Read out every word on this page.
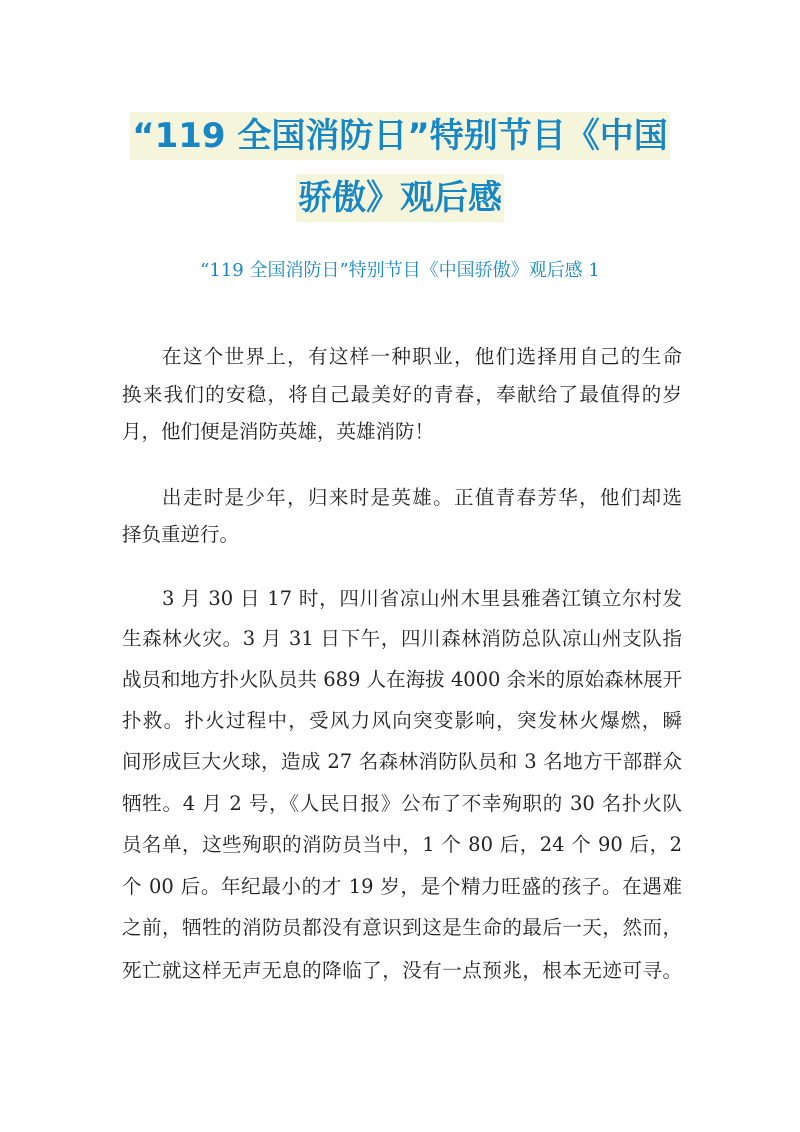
“119 全国消防日”特别节目《中国
骄傲》观后感
“119 全国消防日”特别节目《中国骄傲》观后感 1
在这个世界上，有这样一种职业，他们选择用自己的生命
换来我们的安稳，将自己最美好的青春，奉献给了最值得的岁
月，他们便是消防英雄，英雄消防！
出走时是少年，归来时是英雄。正值青春芳华，他们却选
择负重逆行。
3 月 30 日 17 时，四川省凉山州木里县雅砻江镇立尔村发
生森林火灾。3 月 31 日下午，四川森林消防总队凉山州支队指
战员和地方扑火队员共 689 人在海拔 4000 余米的原始森林展开
扑救。扑火过程中，受风力风向突变影响，突发林火爆燃，瞬
间形成巨大火球，造成 27 名森林消防队员和 3 名地方干部群众
牺牲。4 月 2 号，《人民日报》公布了不幸殉职的 30 名扑火队
员名单，这些殉职的消防员当中，1 个 80 后，24 个 90 后，2
个 00 后。年纪最小的才 19 岁，是个精力旺盛的孩子。在遇难
之前，牺牲的消防员都没有意识到这是生命的最后一天，然而，
死亡就这样无声无息的降临了，没有一点预兆，根本无迹可寻。
